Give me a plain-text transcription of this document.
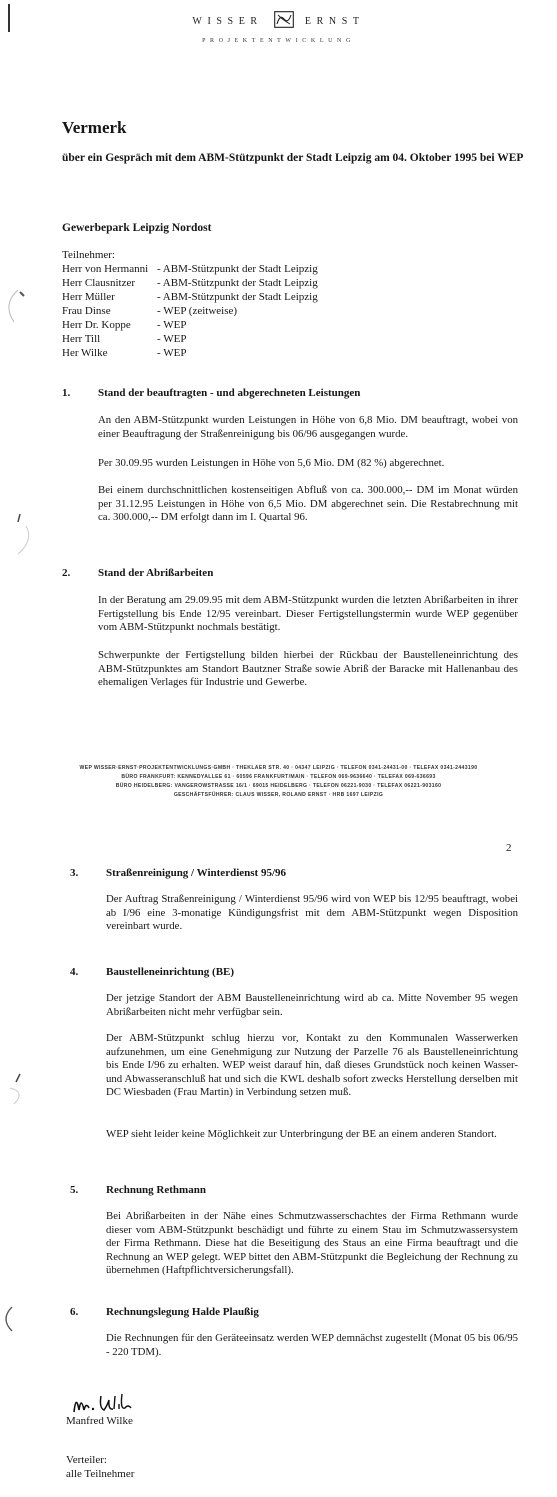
WISSER	ERNST
PROJEKTENTWICKLUNG
Vermerk
über ein Gespräch mit dem ABM-Stützpunkt der Stadt Leipzig am 04. Oktober 1995 bei WEP
Gewerbepark Leipzig Nordost
Teilnehmer:
Herr von Hermanni - ABM-Stützpunkt der Stadt Leipzig
Herr Clausnitzer - ABM-Stützpunkt der Stadt Leipzig
Herr Müller	- ABM-Stützpunkt der Stadt Leipzig
Frau Dinse	- WEP (zeitweise)
Herr Dr. Koppe - WEP
Herr Till	- WEP
Her Wilke	- WEP
1.	Stand der beauftragten - und abgerechneten Leistungen
An den ABM-Stützpunkt wurden Leistungen in Höhe von 6,8 Mio. DM beauftragt, wobei von einer Beauftragung der Straßenreinigung bis 06/96 ausgegangen wurde.
Per 30.09.95 wurden Leistungen in Höhe von 5,6 Mio. DM (82 %) abgerechnet.
Bei einem durchschnittlichen kostenseitigen Abfluß von ca. 300.000,-- DM im Monat würden per 31.12.95 Leistungen in Höhe von 6,5 Mio. DM abgerechnet sein. Die Restabrechnung mit ca. 300.000,-- DM erfolgt dann im I. Quartal 96.
2.	Stand der Abrißarbeiten
In der Beratung am 29.09.95 mit dem ABM-Stützpunkt wurden die letzten Abrißarbeiten in ihrer Fertigstellung bis Ende 12/95 vereinbart. Dieser Fertigstellungstermin wurde WEP gegenüber vom ABM-Stützpunkt nochmals bestätigt.
Schwerpunkte der Fertigstellung bilden hierbei der Rückbau der Baustelleneinrichtung des ABM-Stützpunktes am Standort Bautzner Straße sowie Abriß der Baracke mit Hallenanbau des ehemaligen Verlages für Industrie und Gewerbe.
WEP WISSER·ERNST·PROJEKTENTWICKLUNGS·GMBH · THEKLAER STR. 40 · 04347 LEIPZIG · TELEFON 0341-24431-00 · TELEFAX 0341-2443190
BÜRO FRANKFURT: KENNEDYALLEE 61 · 60596 FRANKFURT/MAIN · TELEFON 069-9636640 · TELEFAX 069-636693
BÜRO HEIDELBERG: VANGEROWSTRASSE 16/1 · 69015 HEIDELBERG · TELEFON 06221-9030 · TELEFAX 06221-903160
GESCHÄFTSFÜHRER: CLAUS WISSER, ROLAND ERNST · HRB 1697 LEIPZIG
2
3.	Straßenreinigung / Winterdienst 95/96
Der Auftrag Straßenreinigung / Winterdienst 95/96 wird von WEP bis 12/95 beauftragt, wobei ab I/96 eine 3-monatige Kündigungsfrist mit dem ABM-Stützpunkt wegen Disposition vereinbart wurde.
4.	Baustelleneinrichtung (BE)
Der jetzige Standort der ABM Baustelleneinrichtung wird ab ca. Mitte November 95 wegen Abrißarbeiten nicht mehr verfügbar sein.
Der ABM-Stützpunkt schlug hierzu vor, Kontakt zu den Kommunalen Wasserwerken aufzunehmen, um eine Genehmigung zur Nutzung der Parzelle 76 als Baustelleneinrichtung bis Ende I/96 zu erhalten. WEP weist darauf hin, daß dieses Grundstück noch keinen Wasser- und Abwasseranschluß hat und sich die KWL deshalb sofort zwecks Herstellung derselben mit DC Wiesbaden (Frau Martin) in Verbindung setzen muß.
WEP sieht leider keine Möglichkeit zur Unterbringung der BE an einem anderen Standort.
5.	Rechnung Rethmann
Bei Abrißarbeiten in der Nähe eines Schmutzwasserschachtes der Firma Rethmann wurde dieser vom ABM-Stützpunkt beschädigt und führte zu einem Stau im Schmutzwassersystem der Firma Rethmann. Diese hat die Beseitigung des Staus an eine Firma beauftragt und die Rechnung an WEP gelegt. WEP bittet den ABM-Stützpunkt die Begleichung der Rechnung zu übernehmen (Haftpflichtversicherungsfall).
6.	Rechnungslegung Halde Plaußig
Die Rechnungen für den Geräteeinsatz werden WEP demnächst zugestellt (Monat 05 bis 06/95 - 220 TDM).
Manfred Wilke
Verteiler:
alle Teilnehmer
